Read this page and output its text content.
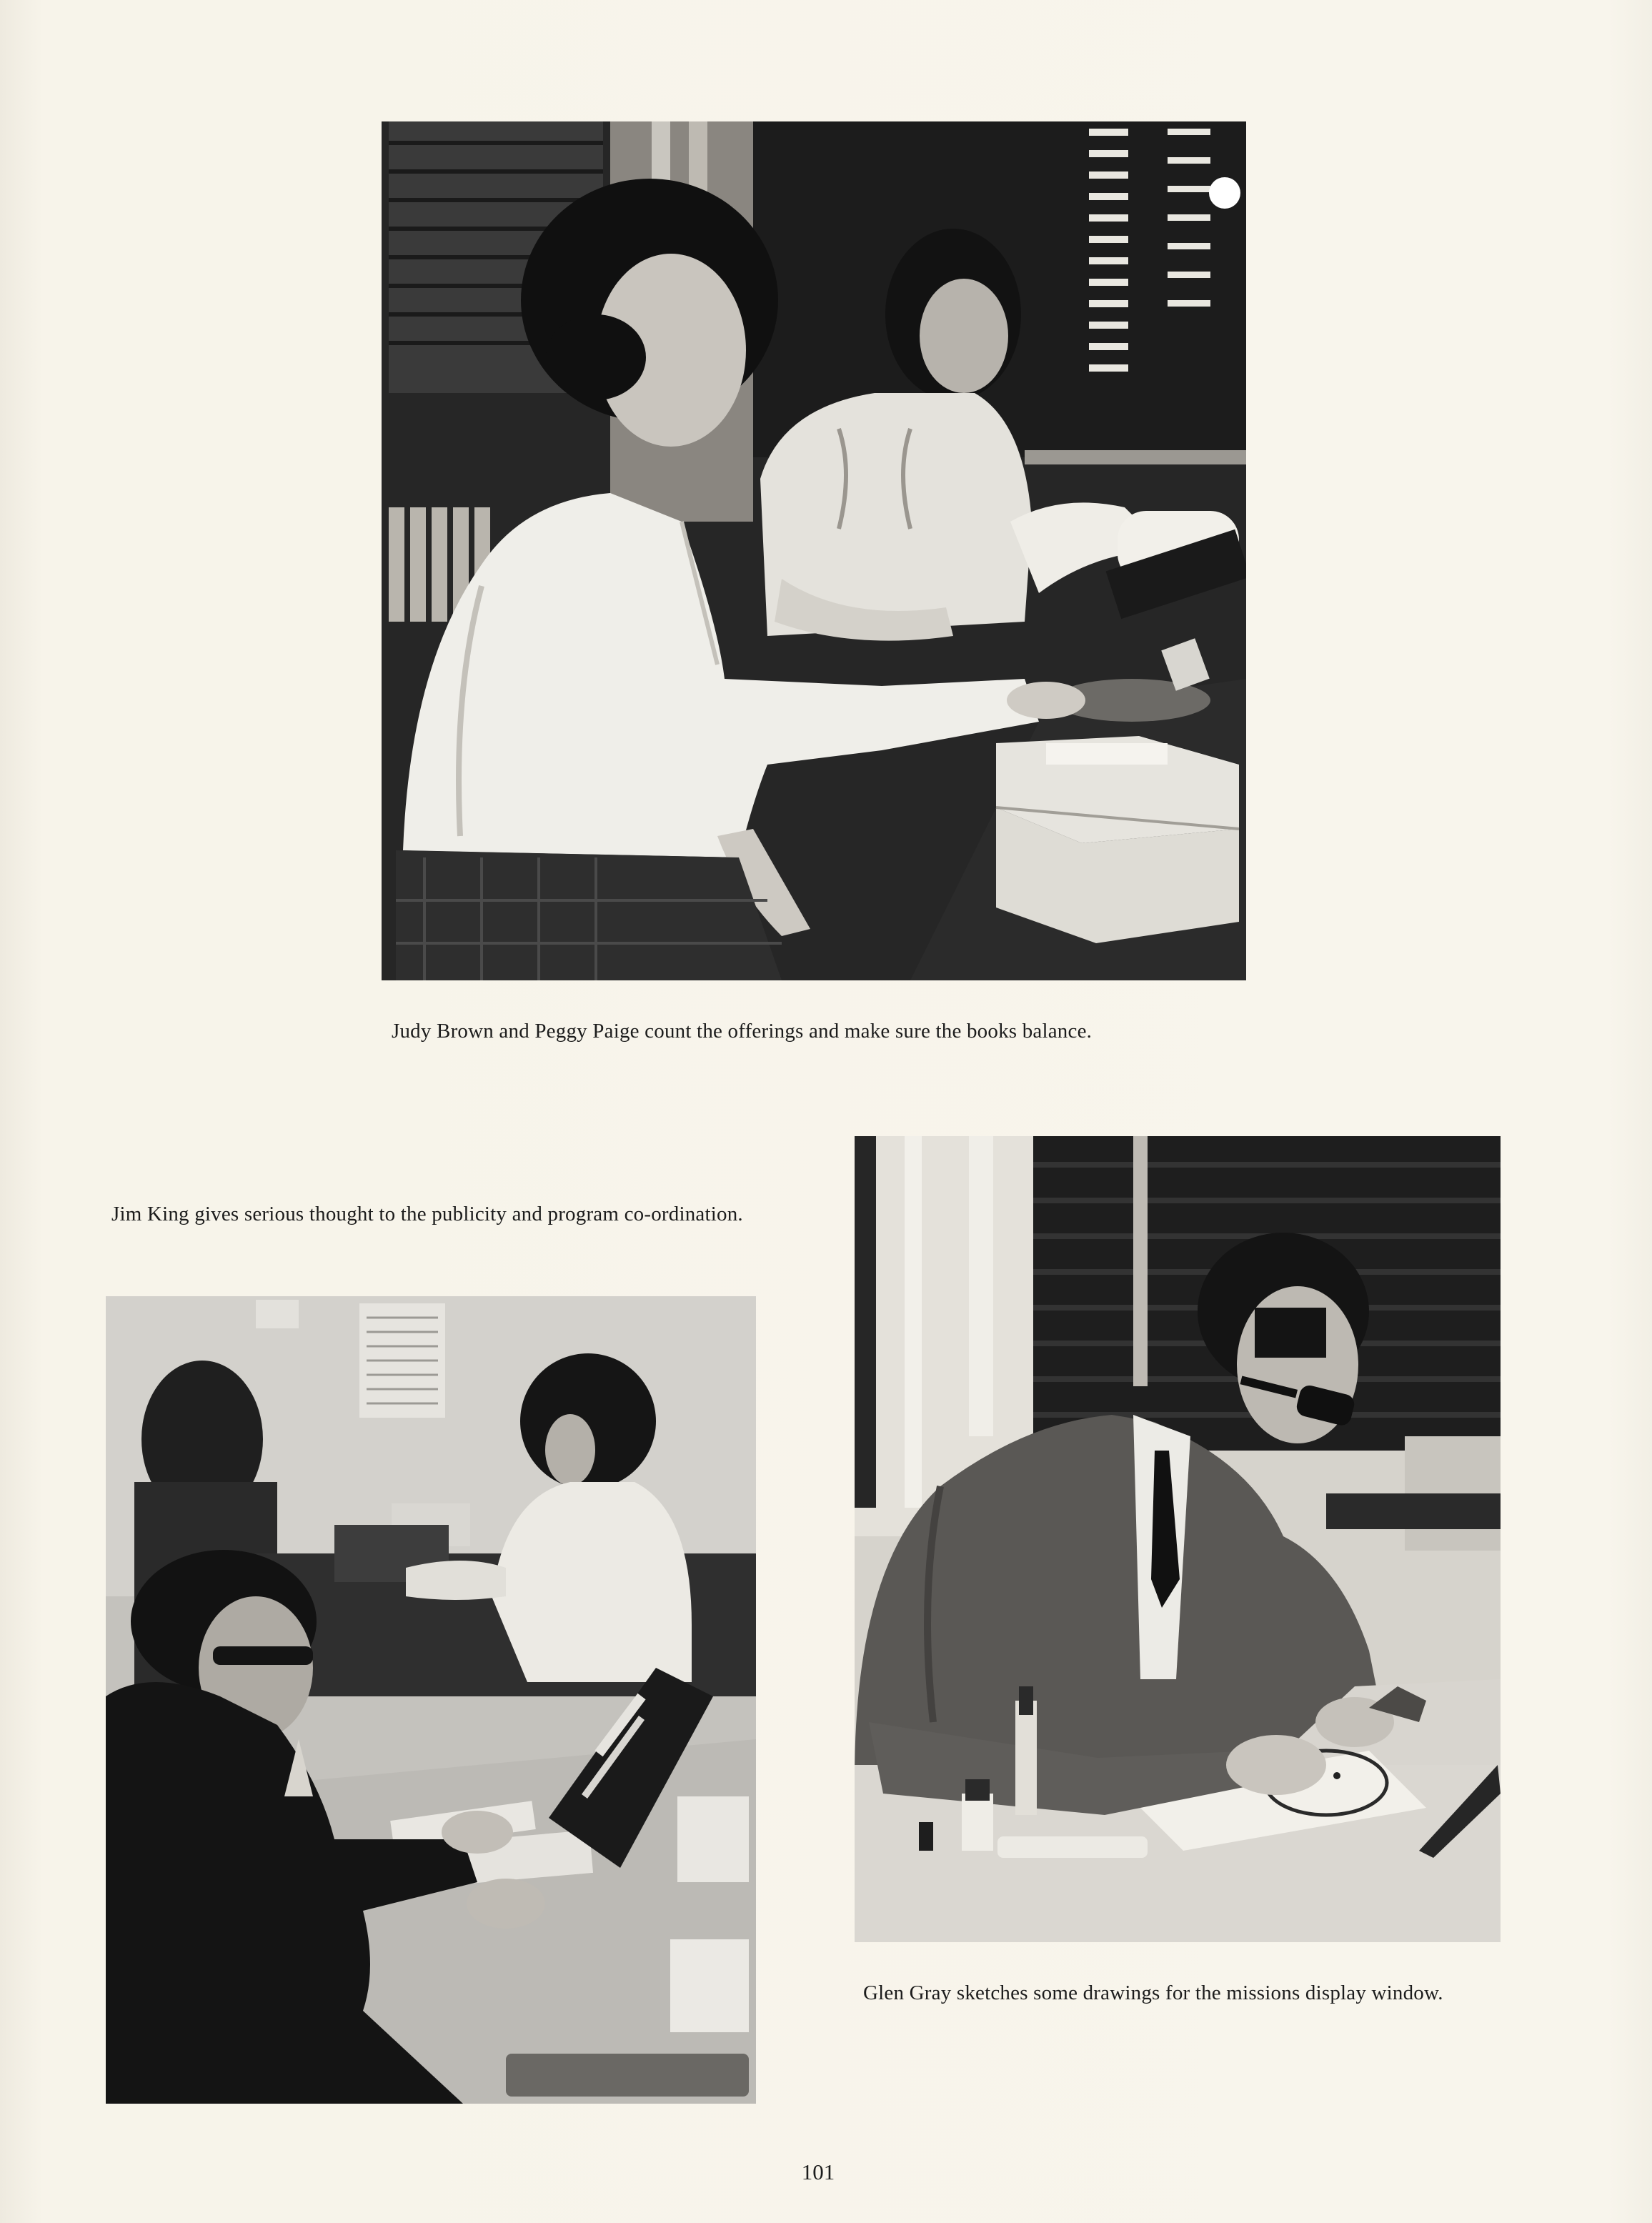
Judy Brown and Peggy Paige count the offerings and make sure the books balance.
Jim King gives serious thought to the publicity and program co-ordination.
Glen Gray sketches some drawings for the missions display window.
101
